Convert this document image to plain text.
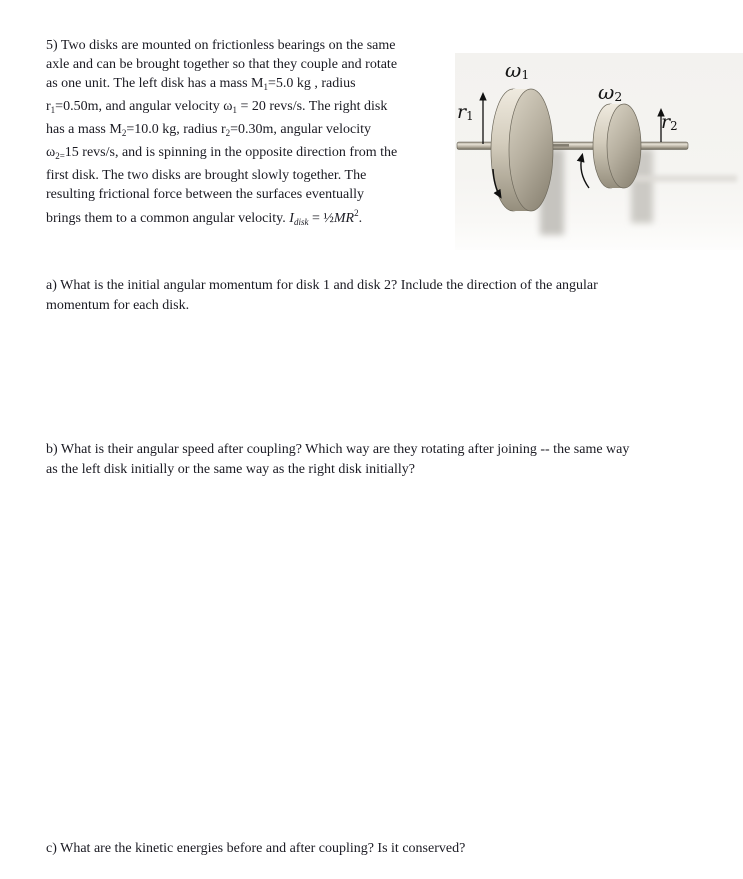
5) Two disks are mounted on frictionless bearings on the same
axle and can be brought together so that they couple and rotate
as one unit. The left disk has a mass $M_1=5.0$ kg , radius
$r_1=0.50m$, and angular velocity $\omega_1 = 20$ revs/s. The right disk
has a mass $M_2=10.0$ kg, radius $r_2=0.30m$, angular velocity
$\omega_{2=}15$ revs/s, and is spinning in the opposite direction from the
first disk. The two disks are brought slowly together. The
resulting frictional force between the surfaces eventually
brings them to a common angular velocity. $I_{disk}$ = $\frac{1}{2}MR^2$.
$\omega_1$
$\omega_2$
$r_1$	$r_2$
a) What is the initial angular momentum for disk 1 and disk 2? Include the direction of the angular
momentum for each disk.
b) What is their angular speed after coupling? Which way are they rotating after joining -- the same way
as the left disk initially or the same way as the right disk initially?
c) What are the kinetic energies before and after coupling? Is it conserved?
